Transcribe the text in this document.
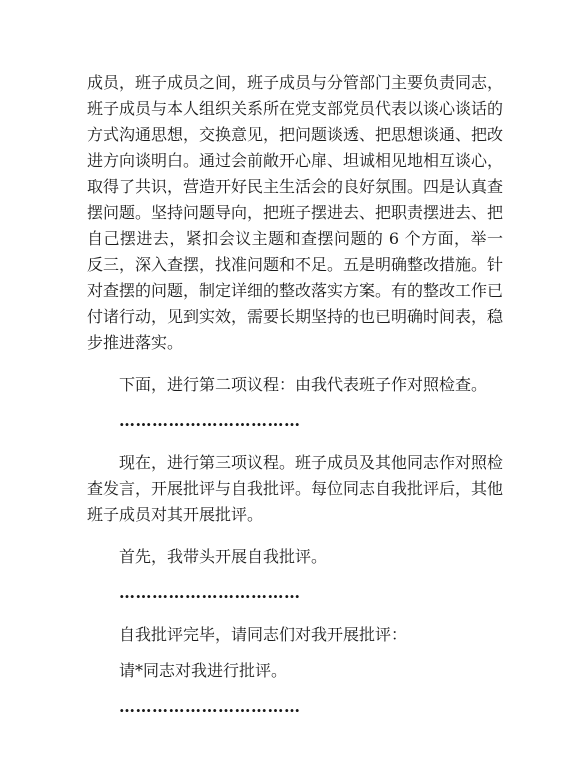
成员，班子成员之间，班子成员与分管部门主要负责同志，班子成员与本人组织关系所在党支部党员代表以谈心谈话的方式沟通思想，交换意见，把问题谈透、把思想谈通、把改进方向谈明白。通过会前敞开心扉、坦诚相见地相互谈心，取得了共识，营造开好民主生活会的良好氛围。四是认真查摆问题。坚持问题导向，把班子摆进去、把职责摆进去、把自己摆进去，紧扣会议主题和查摆问题的 6 个方面，举一反三，深入查摆，找准问题和不足。五是明确整改措施。针对查摆的问题，制定详细的整改落实方案。有的整改工作已付诸行动，见到实效，需要长期坚持的也已明确时间表，稳步推进落实。

下面，进行第二项议程：由我代表班子作对照检查。

……………………………

现在，进行第三项议程。班子成员及其他同志作对照检查发言，开展批评与自我批评。每位同志自我批评后，其他班子成员对其开展批评。

首先，我带头开展自我批评。

……………………………

自我批评完毕，请同志们对我开展批评：

请*同志对我进行批评。

……………………………
